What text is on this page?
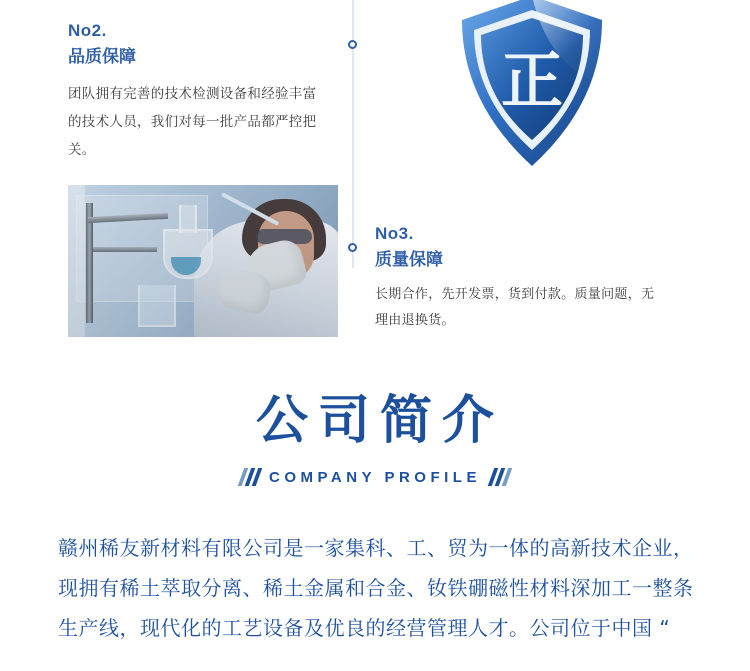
No2.
品质保障
团队拥有完善的技术检测设备和经验丰富的技术人员，我们对每一批产品都严控把关。
No3.
质量保障
长期合作，先开发票，货到付款。质量问题，无理由退换货。
正
公司简介
COMPANY PROFILE
赣州稀友新材料有限公司是一家集科、工、贸为一体的高新技术企业，现拥有稀土萃取分离、稀土金属和合金、钕铁硼磁性材料深加工一整条生产线，现代化的工艺设备及优良的经营管理人才。公司位于中国 “
